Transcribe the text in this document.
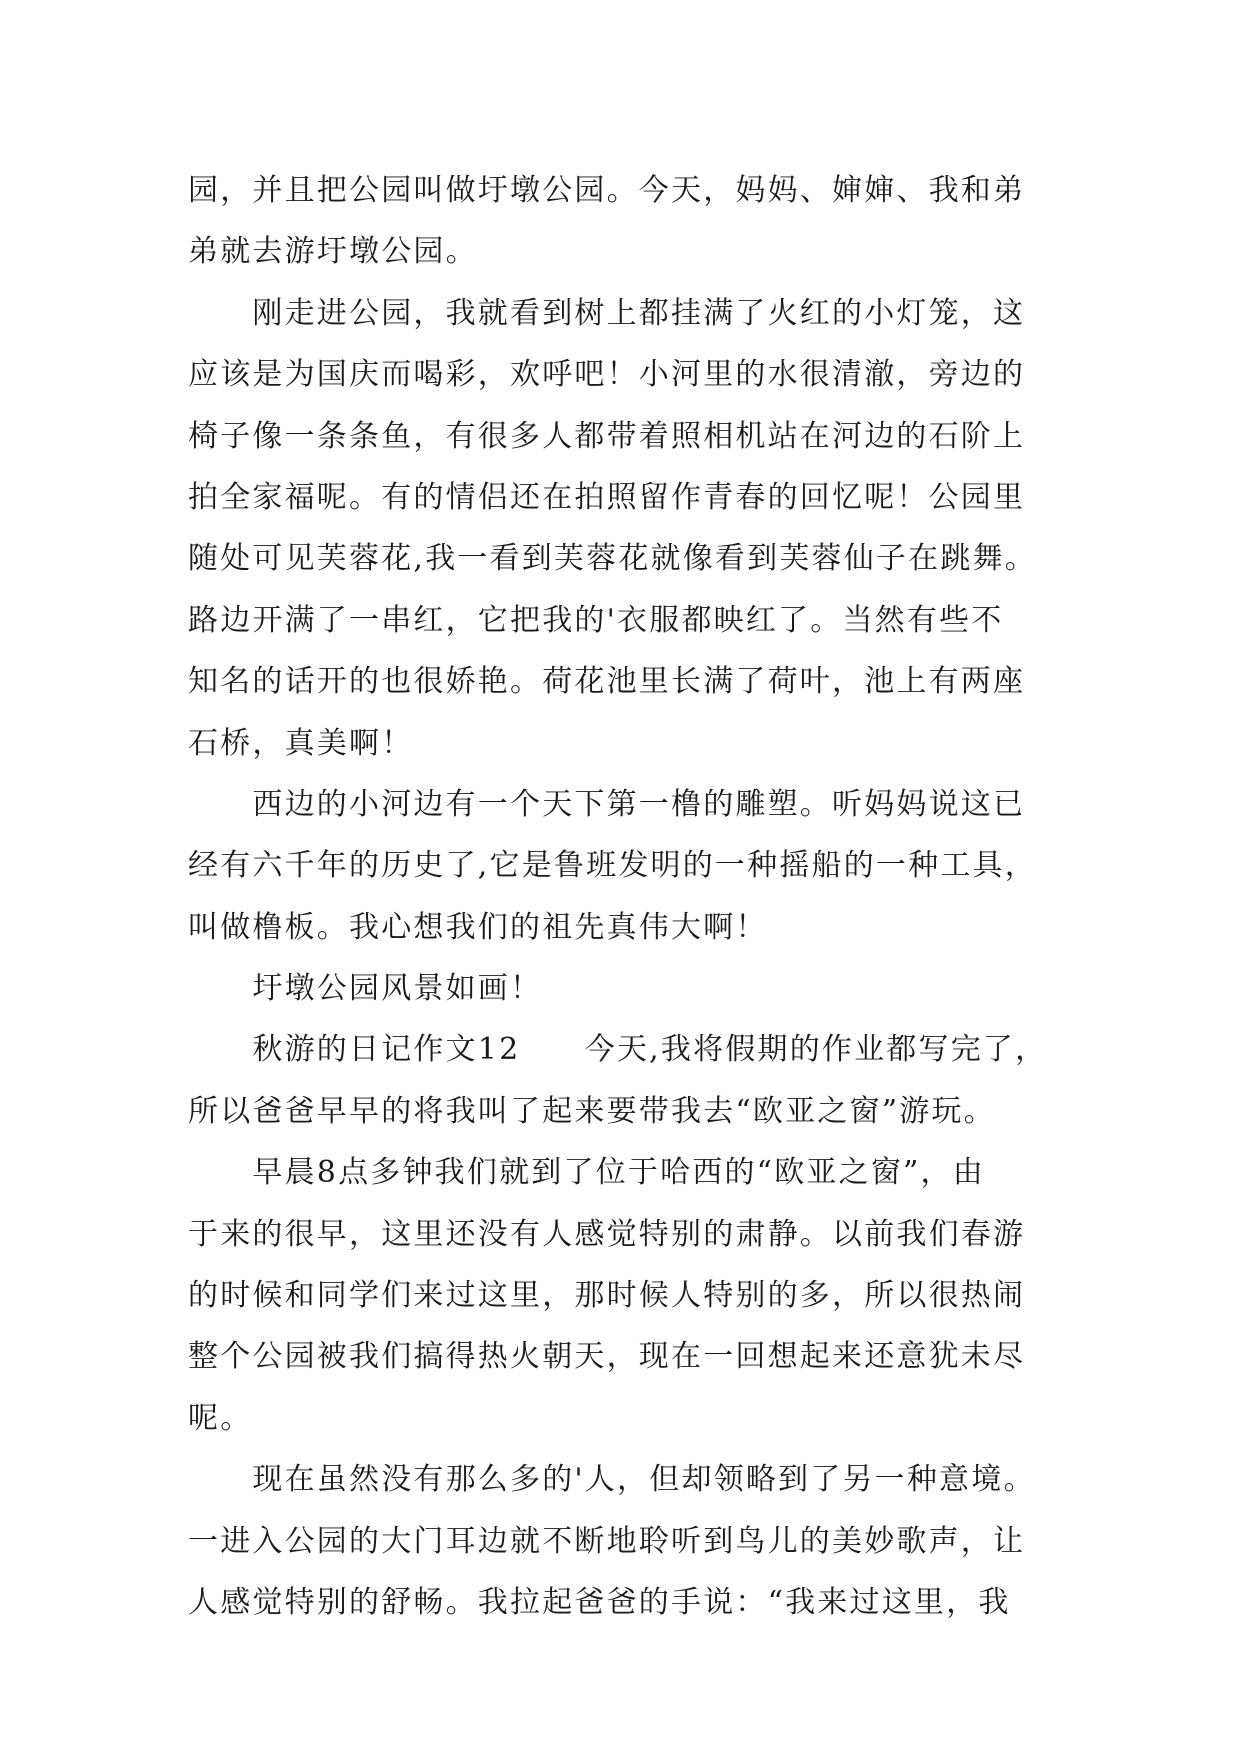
园，并且把公园叫做圩墩公园。今天，妈妈、婶婶、我和弟
弟就去游圩墩公园。
　　刚走进公园，我就看到树上都挂满了火红的小灯笼，这
应该是为国庆而喝彩，欢呼吧！小河里的水很清澈，旁边的
椅子像一条条鱼，有很多人都带着照相机站在河边的石阶上
拍全家福呢。有的情侣还在拍照留作青春的回忆呢！公园里
随处可见芙蓉花,我一看到芙蓉花就像看到芙蓉仙子在跳舞。
路边开满了一串红，它把我的'衣服都映红了。当然有些不
知名的话开的也很娇艳。荷花池里长满了荷叶，池上有两座
石桥，真美啊！
　　西边的小河边有一个天下第一橹的雕塑。听妈妈说这已
经有六千年的历史了,它是鲁班发明的一种摇船的一种工具，
叫做橹板。我心想我们的祖先真伟大啊！
　　圩墩公园风景如画！
　　秋游的日记作文12　　今天,我将假期的作业都写完了，
所以爸爸早早的将我叫了起来要带我去“欧亚之窗”游玩。
　　早晨8点多钟我们就到了位于哈西的“欧亚之窗”，由
于来的很早，这里还没有人感觉特别的肃静。以前我们春游
的时候和同学们来过这里，那时候人特别的多，所以很热闹
整个公园被我们搞得热火朝天，现在一回想起来还意犹未尽
呢。
　　现在虽然没有那么多的'人，但却领略到了另一种意境。
一进入公园的大门耳边就不断地聆听到鸟儿的美妙歌声，让
人感觉特别的舒畅。我拉起爸爸的手说：“我来过这里，我
